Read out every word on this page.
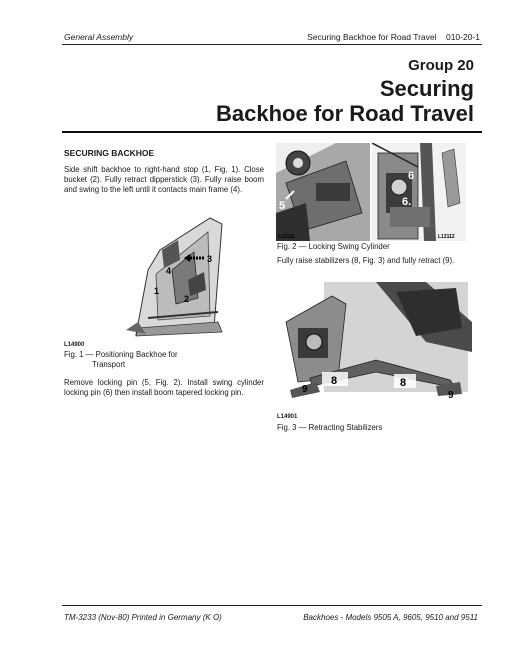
General Assembly	Securing Backhoe for Road Travel    010-20-1
Group 20
Securing
Backhoe for Road Travel
SECURING BACKHOE
Side shift backhoe to right-hand stop (1, Fig. 1). Close bucket (2). Fully retract dipperstick (3). Fully raise boom and swing to the left until it contacts main frame (4).
3
4
2
1
L14900
Fig. 1 — Positioning Backhoe for
Transport
Remove locking pin (5, Fig. 2). Install swing cylinder locking pin (6) then install boom tapered locking pin.
5
L12111
6
6.
L12112
Fig. 2 — Locking Swing Cylinder
Fully raise stabilizers (8, Fig. 3) and fully retract (9).
8	8
9
9
L14901
Fig. 3 — Retracting Stabilizers
TM-3233 (Nov-80) Printed in Germany (K O)	Backhoes - Models 9505 A, 9605, 9510 and 9511
